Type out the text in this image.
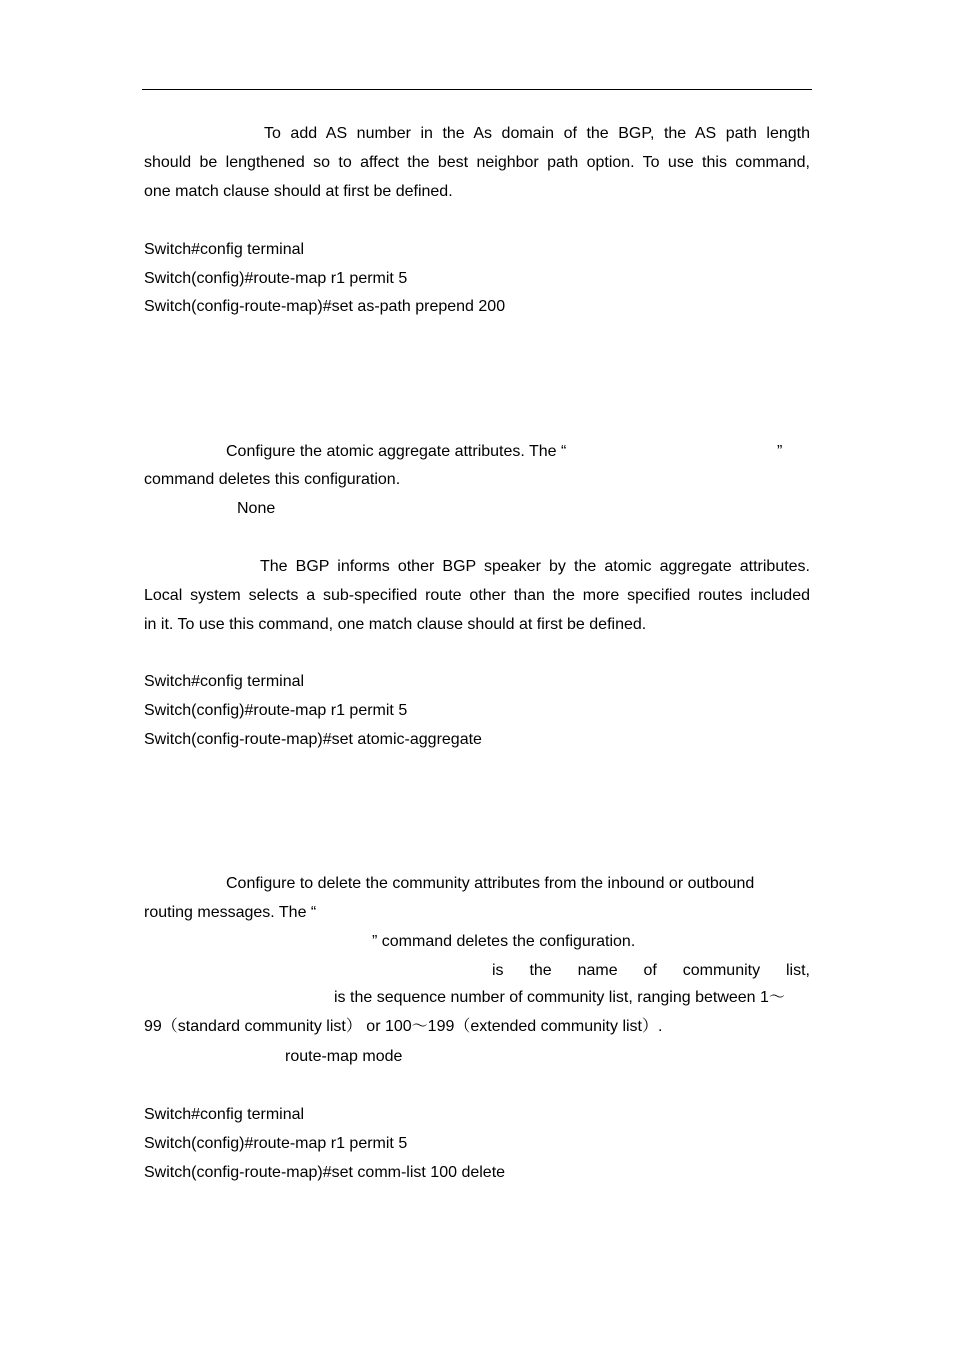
To add AS number in the As domain of the BGP, the AS path length
should be lengthened so to affect the best neighbor path option. To use this command,
one match clause should at first be defined.
Switch#config terminal
Switch(config)#route-map r1 permit 5
Switch(config-route-map)#set as-path prepend 200
Configure the atomic aggregate attributes. The “	”
command deletes this configuration.
None
The BGP informs other BGP speaker by the atomic aggregate attributes.
Local system selects a sub-specified route other than the more specified routes included
in it. To use this command, one match clause should at first be defined.
Switch#config terminal
Switch(config)#route-map r1 permit 5
Switch(config-route-map)#set atomic-aggregate
Configure to delete the community attributes from the inbound or outbound
routing messages. The “
” command deletes the configuration.
is the name of community list,
is the sequence number of community list, ranging between 1～
99（standard community list） or 100～199（extended community list）.
route-map mode
Switch#config terminal
Switch(config)#route-map r1 permit 5
Switch(config-route-map)#set comm-list 100 delete
